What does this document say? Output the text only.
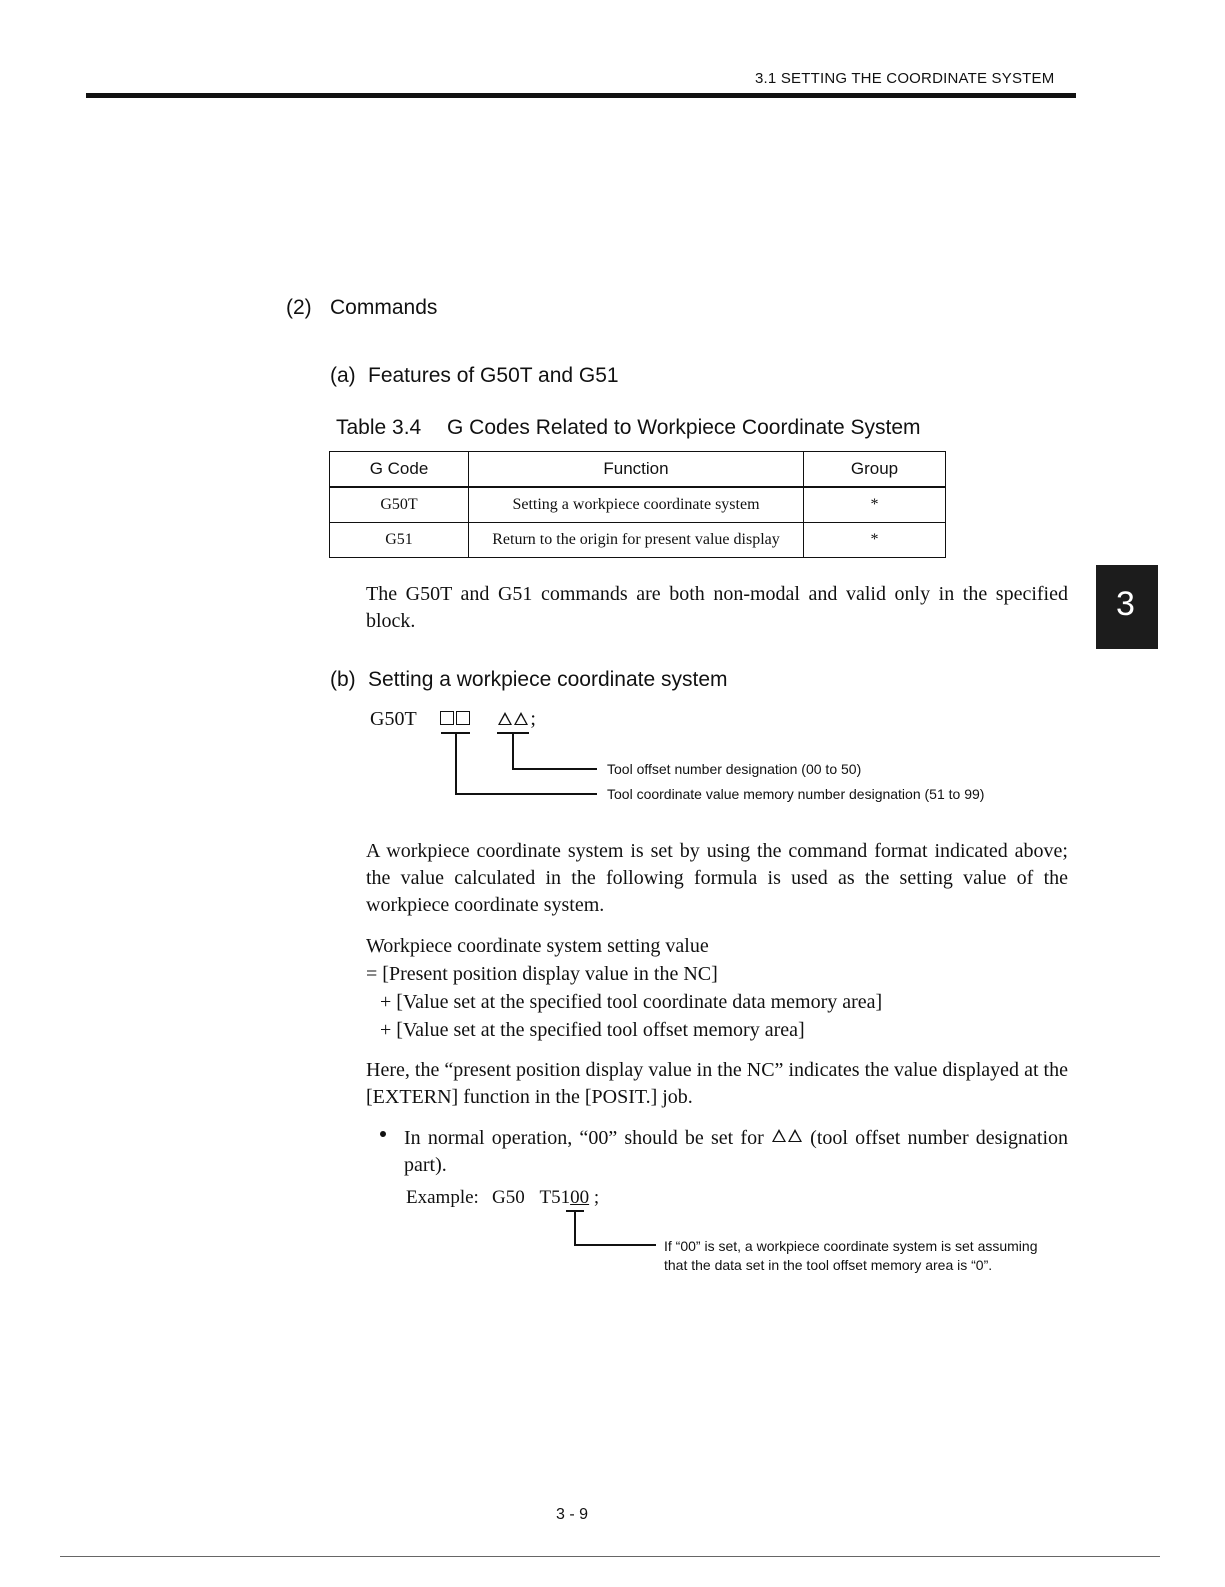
3.1 SETTING THE COORDINATE SYSTEM
3
(2) Commands
(a) Features of G50T and G51
Table 3.4 G Codes Related to Workpiece Coordinate System
G Code	Function	Group
G50T	Setting a workpiece coordinate system	*
G51	Return to the origin for present value display	*
The G50T and G51 commands are both non-modal and valid only in the specified block.
(b) Setting a workpiece coordinate system
G50T	;
Tool offset number designation (00 to 50)
Tool coordinate value memory number designation (51 to 99)
A workpiece coordinate system is set by using the command format indicated above; the value calculated in the following formula is used as the setting value of the workpiece coordinate system.
Workpiece coordinate system setting value
= [Present position display value in the NC]
+ [Value set at the specified tool coordinate data memory area]
+ [Value set at the specified tool offset memory area]
Here, the “present position display value in the NC” indicates the value displayed at the [EXTERN] function in the [POSIT.] job.
In normal operation, “00” should be set for (tool offset number designation part).
Example: G50 T5100 ;
If “00” is set, a workpiece coordinate system is set assuming that the data set in the tool offset memory area is “0”.
3 - 9
